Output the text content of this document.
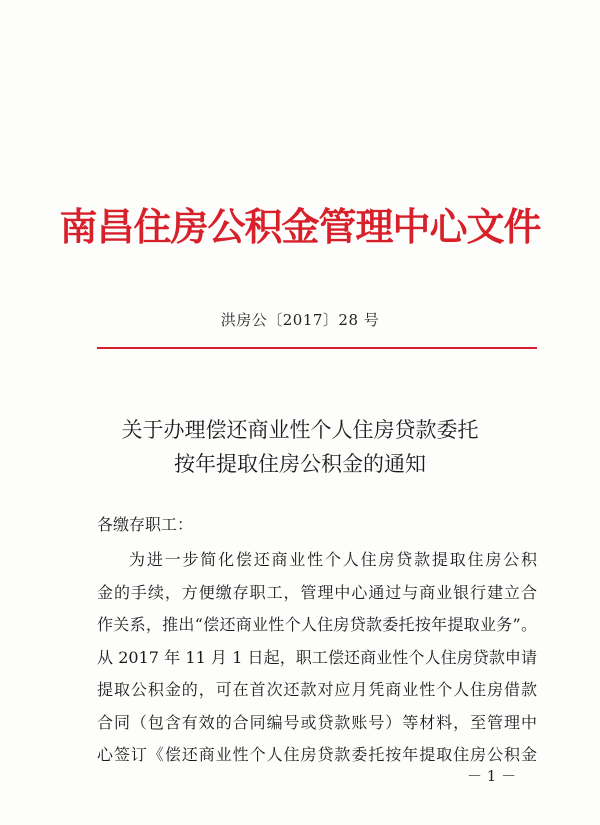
南昌住房公积金管理中心文件
洪房公〔2017〕28 号
关于办理偿还商业性个人住房贷款委托
按年提取住房公积金的通知
各缴存职工：
为进一步简化偿还商业性个人住房贷款提取住房公积
金的手续，方便缴存职工，管理中心通过与商业银行建立合
作关系，推出“偿还商业性个人住房贷款委托按年提取业务”。
从 2017 年 11 月 1 日起，职工偿还商业性个人住房贷款申请
提取公积金的，可在首次还款对应月凭商业性个人住房借款
合同（包含有效的合同编号或贷款账号）等材料，至管理中
心签订《偿还商业性个人住房贷款委托按年提取住房公积金
－ 1 －
